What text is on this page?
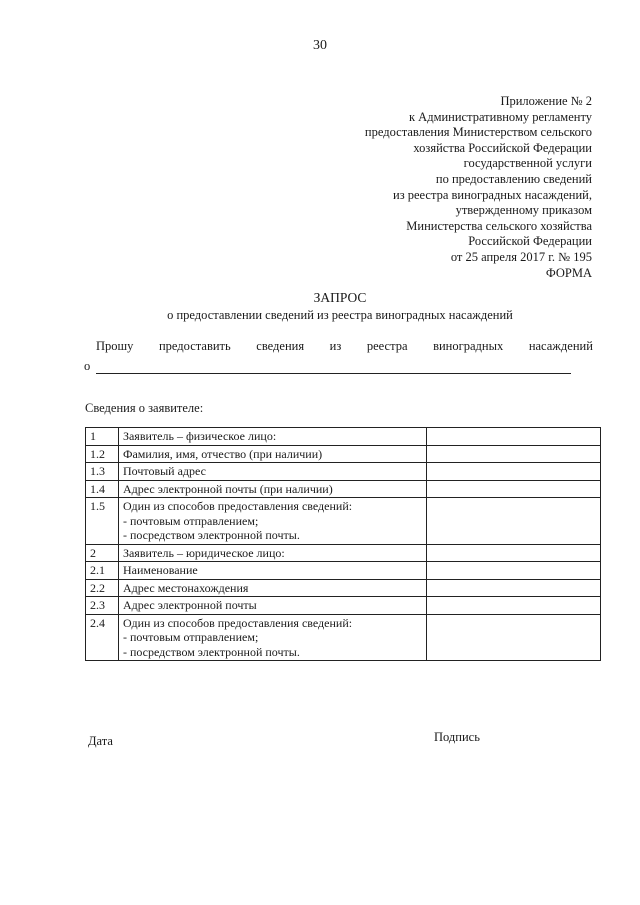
30
Приложение № 2
к Административному регламенту
предоставления Министерством сельского
хозяйства Российской Федерации
государственной услуги
по предоставлению сведений
из реестра виноградных насаждений,
утвержденному приказом
Министерства сельского хозяйства
Российской Федерации
от 25 апреля 2017 г. № 195
ФОРМА
ЗАПРОС
о предоставлении сведений из реестра виноградных насаждений
Прошу предоставить сведения из реестра виноградных насаждений
о
Сведения о заявителе:
1	Заявитель – физическое лицо:	

1.2	Фамилия, имя, отчество (при наличии)	

1.3	Почтовый адрес	

1.4	Адрес электронной почты (при наличии)	

1.5	Один из способов предоставления сведений:
- почтовым отправлением;
- посредством электронной почты.	

2	Заявитель – юридическое лицо:	

2.1	Наименование	

2.2	Адрес местонахождения	

2.3	Адрес электронной почты	

2.4	Один из способов предоставления сведений:
- почтовым отправлением;
- посредством электронной почты.	

Дата	Подпись
